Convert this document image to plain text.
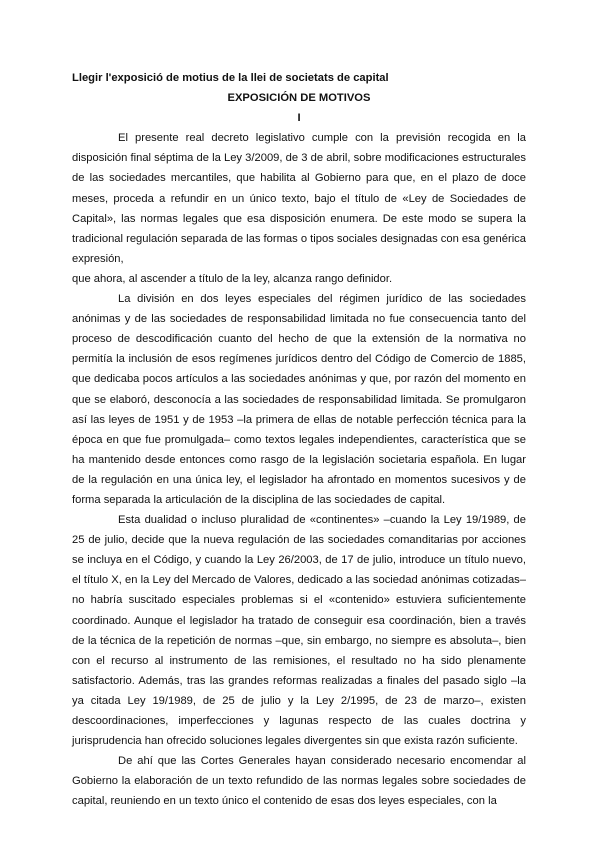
Llegir l'exposició de motius de la llei de societats de capital

EXPOSICIÓN DE MOTIVOS

I

El presente real decreto legislativo cumple con la previsión recogida en la disposición final séptima de la Ley 3/2009, de 3 de abril, sobre modificaciones estructurales de las sociedades mercantiles, que habilita al Gobierno para que, en el plazo de doce meses, proceda a refundir en un único texto, bajo el título de «Ley de Sociedades de Capital», las normas legales que esa disposición enumera. De este modo se supera la tradicional regulación separada de las formas o tipos sociales designadas con esa genérica expresión,

que ahora, al ascender a título de la ley, alcanza rango definidor.

La división en dos leyes especiales del régimen jurídico de las sociedades anónimas y de las sociedades de responsabilidad limitada no fue consecuencia tanto del proceso de descodificación cuanto del hecho de que la extensión de la normativa no permitía la inclusión de esos regímenes jurídicos dentro del Código de Comercio de 1885, que dedicaba pocos artículos a las sociedades anónimas y que, por razón del momento en que se elaboró, desconocía a las sociedades de responsabilidad limitada. Se promulgaron así las leyes de 1951 y de 1953 –la primera de ellas de notable perfección técnica para la época en que fue promulgada– como textos legales independientes, característica que se ha mantenido desde entonces como rasgo de la legislación societaria española. En lugar de la regulación en una única ley, el legislador ha afrontado en momentos sucesivos y de forma separada la articulación de la disciplina de las sociedades de capital.

Esta dualidad o incluso pluralidad de «continentes» –cuando la Ley 19/1989, de 25 de julio, decide que la nueva regulación de las sociedades comanditarias por acciones se incluya en el Código, y cuando la Ley 26/2003, de 17 de julio, introduce un título nuevo, el título X, en la Ley del Mercado de Valores, dedicado a las sociedad anónimas cotizadas– no habría suscitado especiales problemas si el «contenido» estuviera suficientemente coordinado. Aunque el legislador ha tratado de conseguir esa coordinación, bien a través de la técnica de la repetición de normas –que, sin embargo, no siempre es absoluta–, bien con el recurso al instrumento de las remisiones, el resultado no ha sido plenamente satisfactorio. Además, tras las grandes reformas realizadas a finales del pasado siglo –la ya citada Ley 19/1989, de 25 de julio y la Ley 2/1995, de 23 de marzo–, existen descoordinaciones, imperfecciones y lagunas respecto de las cuales doctrina y jurisprudencia han ofrecido soluciones legales divergentes sin que exista razón suficiente.

De ahí que las Cortes Generales hayan considerado necesario encomendar al Gobierno la elaboración de un texto refundido de las normas legales sobre sociedades de capital, reuniendo en un texto único el contenido de esas dos leyes especiales, con la
